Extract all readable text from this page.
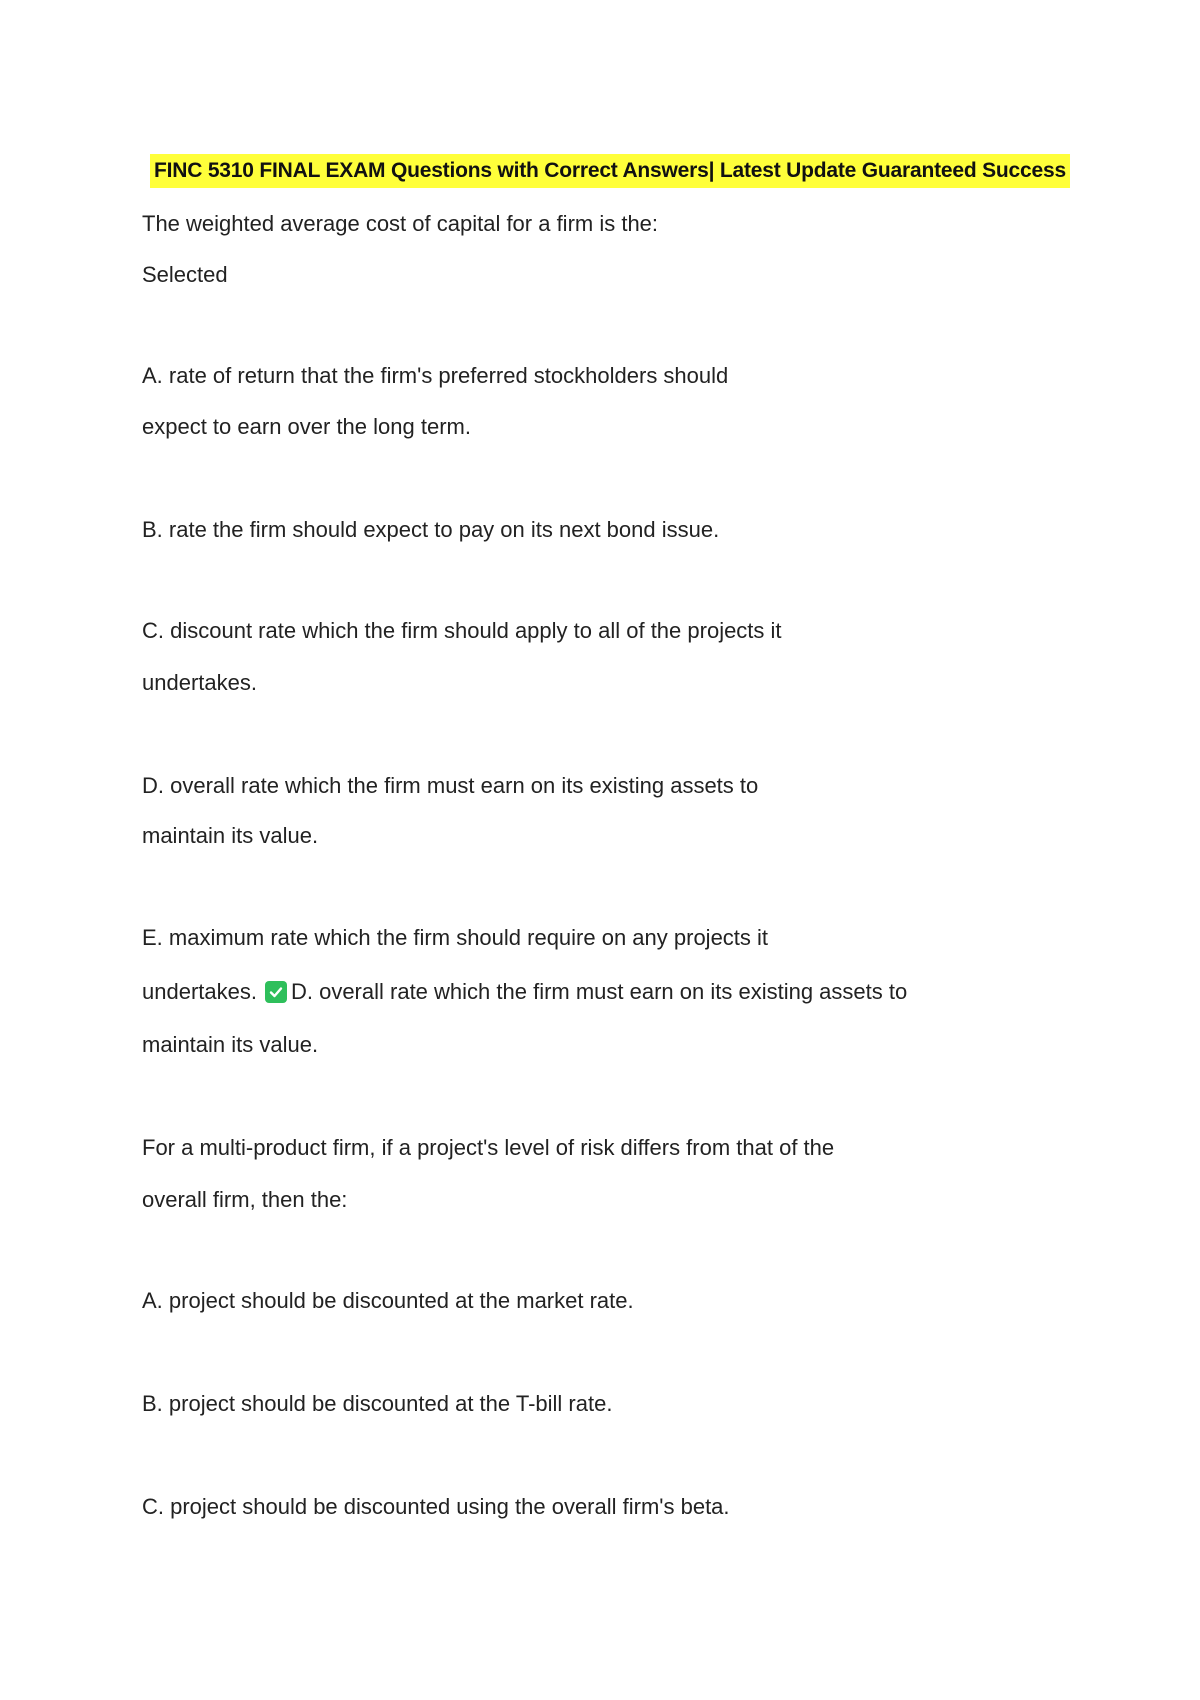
FINC 5310 FINAL EXAM Questions with Correct Answers| Latest Update Guaranteed Success
The weighted average cost of capital for a firm is the:
Selected
A. rate of return that the firm's preferred stockholders should
expect to earn over the long term.
B. rate the firm should expect to pay on its next bond issue.
C. discount rate which the firm should apply to all of the projects it
undertakes.
D. overall rate which the firm must earn on its existing assets to
maintain its value.
E. maximum rate which the firm should require on any projects it
undertakes. D. overall rate which the firm must earn on its existing assets to
maintain its value.
For a multi-product firm, if a project's level of risk differs from that of the
overall firm, then the:
A. project should be discounted at the market rate.
B. project should be discounted at the T-bill rate.
C. project should be discounted using the overall firm's beta.
